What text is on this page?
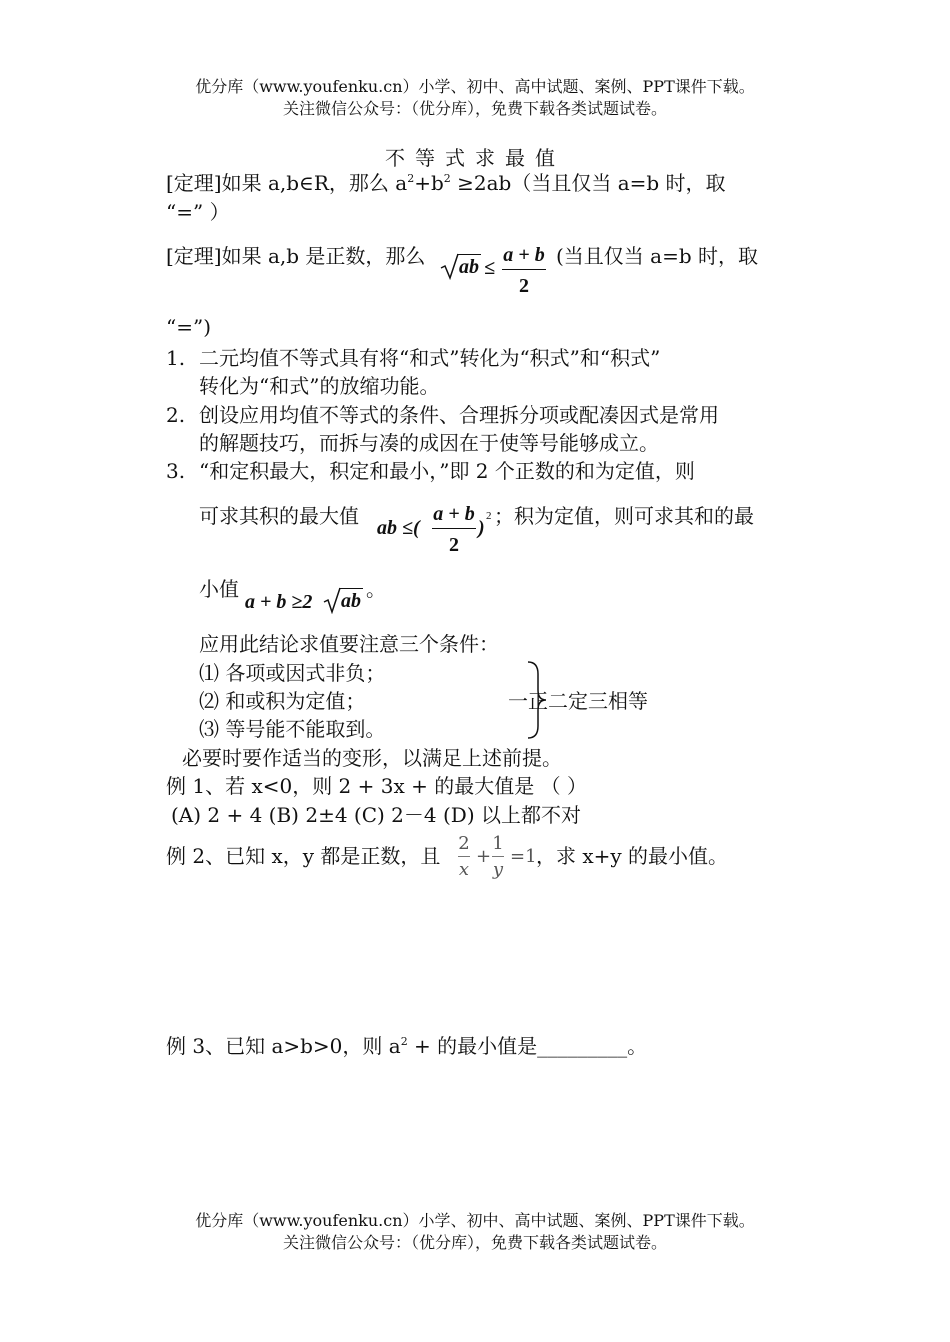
优分库（www.youfenku.cn）小学、初中、高中试题、案例、PPT课件下载。
关注微信公众号：（优分库），免费下载各类试题试卷。
不等式求最值
[定理]如果 a,b∈R，那么 $a^2+b^2 \ge 2ab$（当且仅当 a=b 时，取
“=” ）
[定理]如果 a,b 是正数，那么 ab ≤
a + b
2
(当且仅当 a=b 时，取
“=”)
1. 二元均值不等式具有将“和式”转化为“积式”和“积式”
转化为“和式”的放缩功能。
2. 创设应用均值不等式的条件、合理拆分项或配凑因式是常用
的解题技巧，而拆与凑的成因在于使等号能够成立。
3. “和定积最大，积定和最小，”即 2 个正数的和为定值，则
可求其积的最大值 ab ≤(
a + b
2
)
2 ；积为定值，则可求其和的最
小值
a + b ≥2 ab 。
应用此结论求值要注意三个条件：
⑴ 各项或因式非负；
⑵ 和或积为定值；
⑶ 等号能不能取到。
一正二定三相等
必要时要作适当的变形，以满足上述前提。
例 1、若 x<0，则 2 + 3x + 的最大值是 （ ）
(A) 2 + 4 (B) 2±4 (C) 2－4 (D) 以上都不对
例 2、已知 x，y 都是正数，且
2
x
+
1
y
=1 ，求 x+y 的最小值。
例 3、已知 a>b>0，则 $a^2$ + 的最小值是_________。
优分库（www.youfenku.cn）小学、初中、高中试题、案例、PPT课件下载。
关注微信公众号：（优分库），免费下载各类试题试卷。
